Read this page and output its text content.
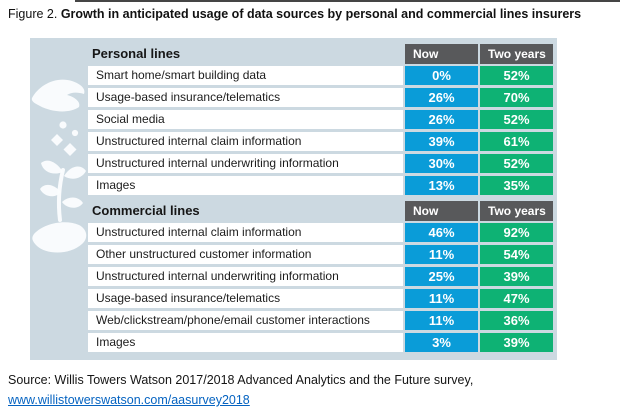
Figure 2. Growth in anticipated usage of data sources by personal and commercial lines insurers
Personal lines	Now	Two years
Smart home/smart building data	0%	52%
Usage-based insurance/telematics	26%	70%
Social media	26%	52%
Unstructured internal claim information	39%	61%
Unstructured internal underwriting information	30%	52%
Images	13%	35%
Commercial lines	Now	Two years
Unstructured internal claim information	46%	92%
Other unstructured customer information	11%	54%
Unstructured internal underwriting information	25%	39%
Usage-based insurance/telematics	11%	47%
Web/clickstream/phone/email customer interactions	11%	36%
Images	3%	39%
Source: Willis Towers Watson 2017/2018 Advanced Analytics and the Future survey,
www.willistowerswatson.com/aasurvey2018
